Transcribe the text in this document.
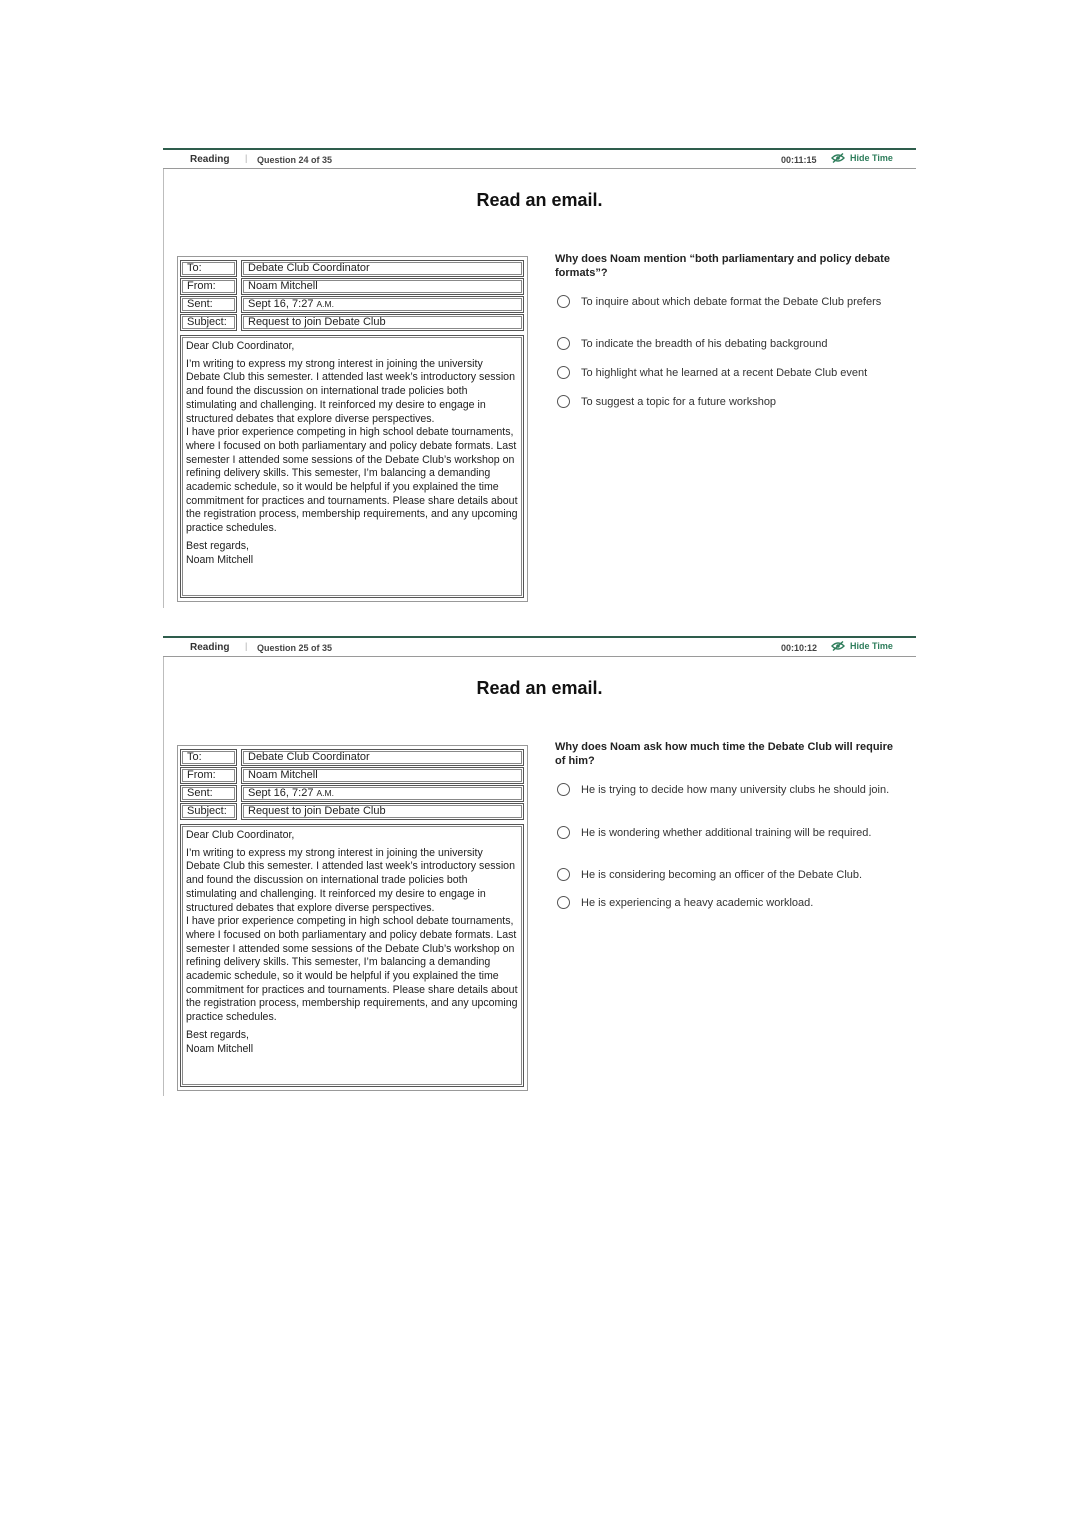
Reading | Question 24 of 35	00:11:15	Hide Time
Read an email.
To:	Debate Club Coordinator
From:	Noam Mitchell
Sent:	Sept 16, 7:27 A.M.
Subject:	Request to join Debate Club

Dear Club Coordinator,

I’m writing to express my strong interest in joining the university Debate Club this semester. I attended last week’s introductory session and found the discussion on international trade policies both stimulating and challenging. It reinforced my desire to engage in structured debates that explore diverse perspectives.

I have prior experience competing in high school debate tournaments, where I focused on both parliamentary and policy debate formats. Last semester I attended some sessions of the Debate Club’s workshop on refining delivery skills. This semester, I’m balancing a demanding academic schedule, so it would be helpful if you explained the time commitment for practices and tournaments. Please share details about the registration process, membership requirements, and any upcoming practice schedules.

Best regards,

Noam Mitchell

Why does Noam mention “both parliamentary and policy debate formats”?
To inquire about which debate format the Debate Club prefers
To indicate the breadth of his debating background
To highlight what he learned at a recent Debate Club event
To suggest a topic for a future workshop
Reading | Question 25 of 35	00:10:12	Hide Time
Read an email.
To:	Debate Club Coordinator
From:	Noam Mitchell
Sent:	Sept 16, 7:27 A.M.
Subject:	Request to join Debate Club

Dear Club Coordinator,

I’m writing to express my strong interest in joining the university Debate Club this semester. I attended last week’s introductory session and found the discussion on international trade policies both stimulating and challenging. It reinforced my desire to engage in structured debates that explore diverse perspectives.

I have prior experience competing in high school debate tournaments, where I focused on both parliamentary and policy debate formats. Last semester I attended some sessions of the Debate Club’s workshop on refining delivery skills. This semester, I’m balancing a demanding academic schedule, so it would be helpful if you explained the time commitment for practices and tournaments. Please share details about the registration process, membership requirements, and any upcoming practice schedules.

Best regards,

Noam Mitchell

Why does Noam ask how much time the Debate Club will require of him?
He is trying to decide how many university clubs he should join.
He is wondering whether additional training will be required.
He is considering becoming an officer of the Debate Club.
He is experiencing a heavy academic workload.
